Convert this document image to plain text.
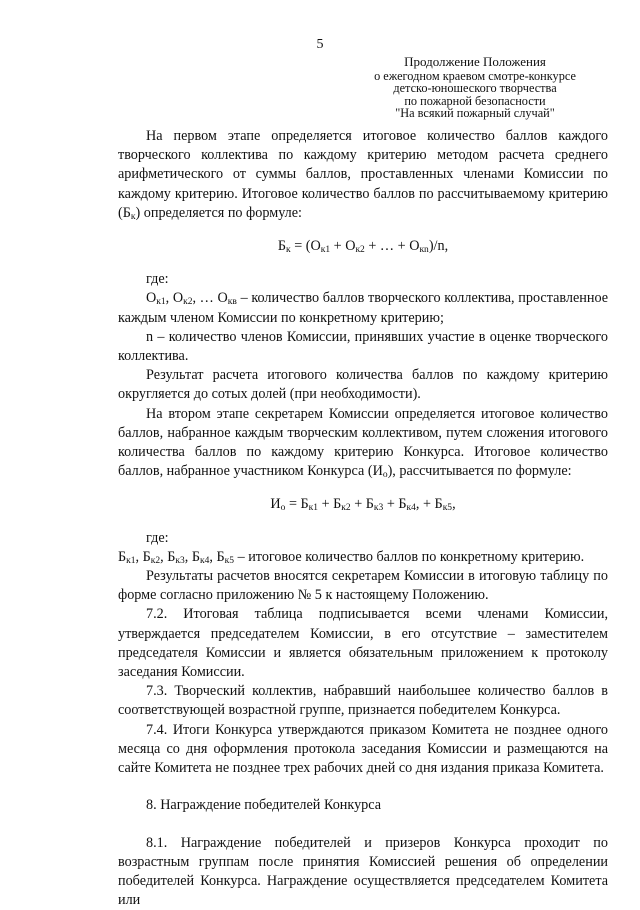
5
Продолжение Положения
о ежегодном краевом смотре-конкурсе
детско-юношеского творчества
по пожарной безопасности
"На всякий пожарный случай"

На первом этапе определяется итоговое количество баллов каждого творческого коллектива по каждому критерию методом расчета среднего арифметического от суммы баллов, проставленных членами Комиссии по каждому критерию. Итоговое количество баллов по рассчитываемому критерию $(Б_к)$ определяется по формуле:

$Б_к = (О_{к1} + О_{к2}$ + … + $О_{кn})/n$,

где:

$О_{к1}$, $О_{к2}$, … $О_{кв}$ – количество баллов творческого коллектива, проставленное каждым членом Комиссии по конкретному критерию;

n – количество членов Комиссии, принявших участие в оценке творческого коллектива.

Результат расчета итогового количества баллов по каждому критерию округляется до сотых долей (при необходимости).

На втором этапе секретарем Комиссии определяется итоговое количество баллов, набранное каждым творческим коллективом, путем сложения итогового количества баллов по каждому критерию Конкурса. Итоговое количество баллов, набранное участником Конкурса $(И_о)$, рассчитывается по формуле:

$И_о = Б_{к1} + Б_{к2} + Б_{к3} + Б_{к4}$, + $Б_{к5}$,

где:

$Б_{к1}$, $Б_{к2}$, $Б_{к3}$, $Б_{к4}$, $Б_{к5}$ – итоговое количество баллов по конкретному критерию.

Результаты расчетов вносятся секретарем Комиссии в итоговую таблицу по форме согласно приложению № 5 к настоящему Положению.

7.2. Итоговая таблица подписывается всеми членами Комиссии, утверждается председателем Комиссии, в его отсутствие – заместителем председателя Комиссии и является обязательным приложением к протоколу заседания Комиссии.

7.3. Творческий коллектив, набравший наибольшее количество баллов в соответствующей возрастной группе, признается победителем Конкурса.

7.4. Итоги Конкурса утверждаются приказом Комитета не позднее одного месяца со дня оформления протокола заседания Комиссии и размещаются на сайте Комитета не позднее трех рабочих дней со дня издания приказа Комитета.

8. Награждение победителей Конкурса

8.1. Награждение победителей и призеров Конкурса проходит по возрастным группам после принятия Комиссией решения об определении победителей Конкурса. Награждение осуществляется председателем Комитета или
